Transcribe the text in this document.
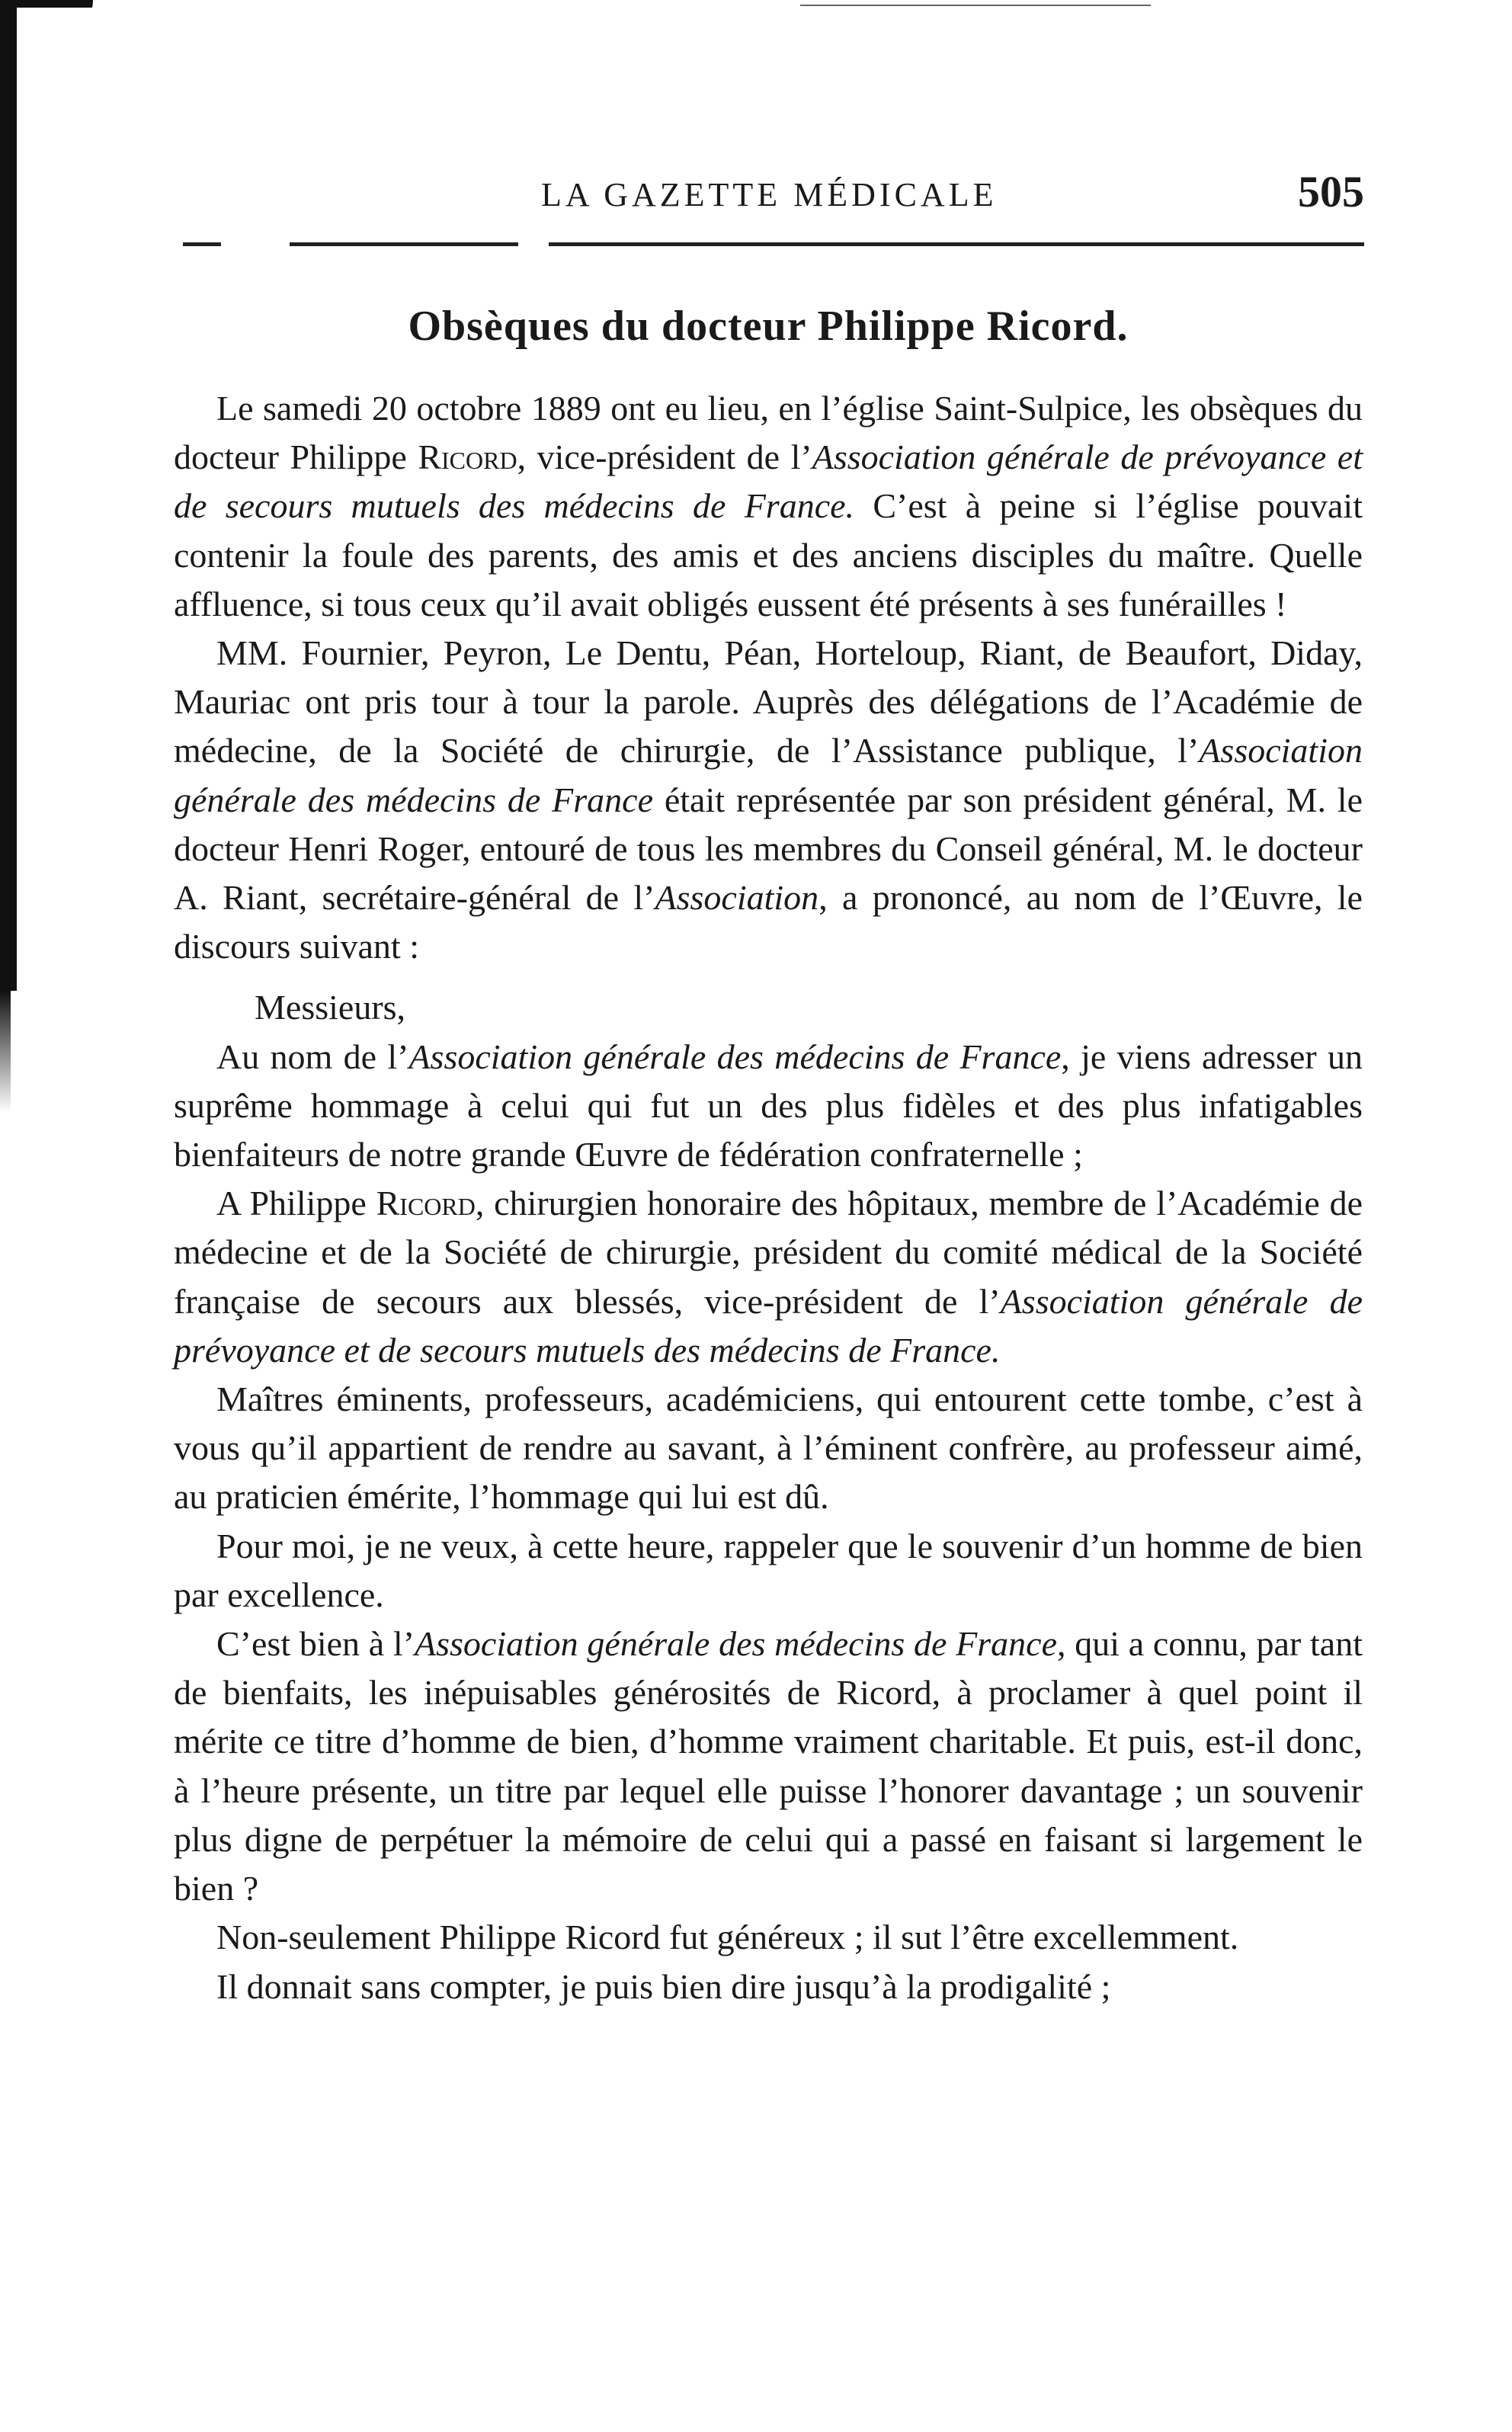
LA GAZETTE MÉDICALE	505
Obsèques du docteur Philippe Ricord.

Le samedi 20 octobre 1889 ont eu lieu, en l’église Saint-Sulpice, les obsèques du docteur Philippe Ricord, vice-président de l’Association générale de prévoyance et de secours mutuels des médecins de France. C’est à peine si l’église pouvait contenir la foule des parents, des amis et des anciens disciples du maître. Quelle affluence, si tous ceux qu’il avait obligés eussent été présents à ses funérailles !

MM. Fournier, Peyron, Le Dentu, Péan, Horteloup, Riant, de Beaufort, Diday, Mauriac ont pris tour à tour la parole. Auprès des délégations de l’Académie de médecine, de la Société de chirurgie, de l’Assistance publique, l’Association générale des médecins de France était représentée par son président général, M. le docteur Henri Roger, entouré de tous les membres du Conseil général, M. le docteur A. Riant, secrétaire-général de l’Association, a prononcé, au nom de l’Œuvre, le discours suivant :

Messieurs,

Au nom de l’Association générale des médecins de France, je viens adresser un suprême hommage à celui qui fut un des plus fidèles et des plus infatigables bienfaiteurs de notre grande Œuvre de fédération confraternelle ;

A Philippe Ricord, chirurgien honoraire des hôpitaux, membre de l’Académie de médecine et de la Société de chirurgie, président du comité médical de la Société française de secours aux blessés, vice-président de l’Association générale de prévoyance et de secours mutuels des médecins de France.

Maîtres éminents, professeurs, académiciens, qui entourent cette tombe, c’est à vous qu’il appartient de rendre au savant, à l’éminent confrère, au professeur aimé, au praticien émérite, l’hommage qui lui est dû.

Pour moi, je ne veux, à cette heure, rappeler que le souvenir d’un homme de bien par excellence.

C’est bien à l’Association générale des médecins de France, qui a connu, par tant de bienfaits, les inépuisables générosités de Ricord, à proclamer à quel point il mérite ce titre d’homme de bien, d’homme vraiment charitable. Et puis, est-il donc, à l’heure présente, un titre par lequel elle puisse l’honorer davantage ; un souvenir plus digne de perpétuer la mémoire de celui qui a passé en faisant si largement le bien ?

Non-seulement Philippe Ricord fut généreux ; il sut l’être excellemment.

Il donnait sans compter, je puis bien dire jusqu’à la prodigalité ;
